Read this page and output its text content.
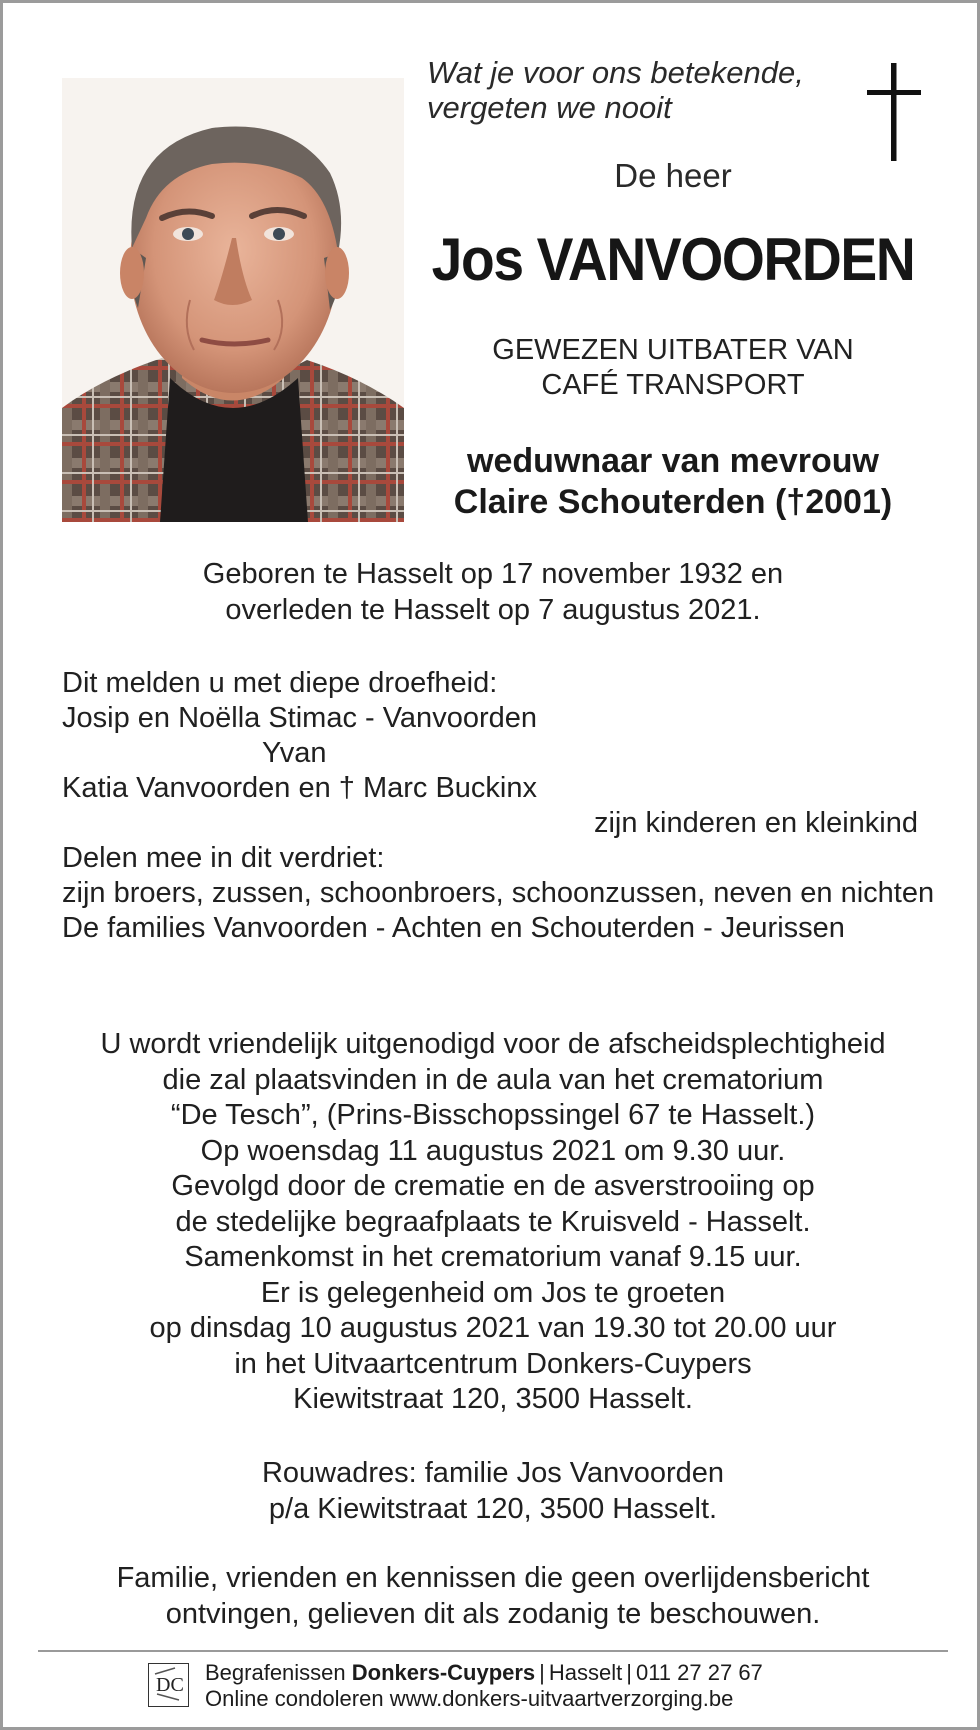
Wat je voor ons betekende,
vergeten we nooit
De heer
Jos VANVOORDEN
GEWEZEN UITBATER VAN
CAFÉ TRANSPORT
weduwnaar van mevrouw
Claire Schouterden (†2001)
Geboren te Hasselt op 17 november 1932 en
overleden te Hasselt op 7 augustus 2021.
Dit melden u met diepe droefheid:
Josip en Noëlla Stimac - Vanvoorden
Yvan
Katia Vanvoorden en † Marc Buckinx
zijn kinderen en kleinkind
Delen mee in dit verdriet:
zijn broers, zussen, schoonbroers, schoonzussen, neven en nichten
De families Vanvoorden - Achten en Schouterden - Jeurissen
U wordt vriendelijk uitgenodigd voor de afscheidsplechtigheid
die zal plaatsvinden in de aula van het crematorium
“De Tesch”, (Prins-Bisschopssingel 67 te Hasselt.)
Op woensdag 11 augustus 2021 om 9.30 uur.
Gevolgd door de crematie en de asverstrooiing op
de stedelijke begraafplaats te Kruisveld - Hasselt.
Samenkomst in het crematorium vanaf 9.15 uur.
Er is gelegenheid om Jos te groeten
op dinsdag 10 augustus 2021 van 19.30 tot 20.00 uur
in het Uitvaartcentrum Donkers-Cuypers
Kiewitstraat 120, 3500 Hasselt.
Rouwadres: familie Jos Vanvoorden
p/a Kiewitstraat 120, 3500 Hasselt.
Familie, vrienden en kennissen die geen overlijdensbericht
ontvingen, gelieven dit als zodanig te beschouwen.
DC Begrafenissen Donkers-Cuypers | Hasselt | 011 27 27 67
Online condoleren www.donkers-uitvaartverzorging.be
